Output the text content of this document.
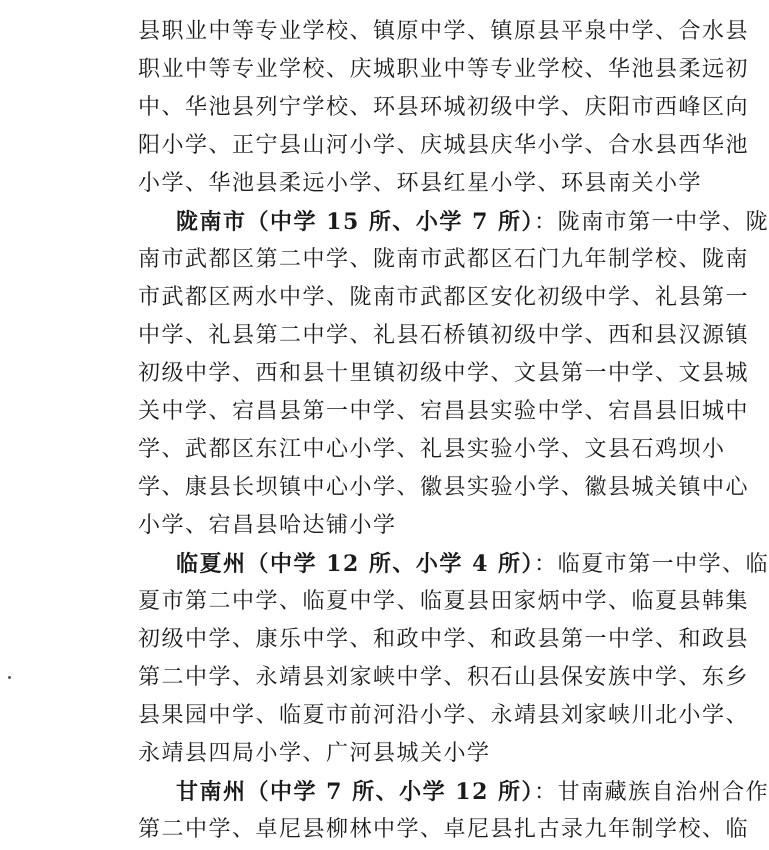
县职业中等专业学校、镇原中学、镇原县平泉中学、合水县
职业中等专业学校、庆城职业中等专业学校、华池县柔远初
中、华池县列宁学校、环县环城初级中学、庆阳市西峰区向
阳小学、正宁县山河小学、庆城县庆华小学、合水县西华池
小学、华池县柔远小学、环县红星小学、环县南关小学
陇南市（中学 15 所、小学 7 所）：陇南市第一中学、陇
南市武都区第二中学、陇南市武都区石门九年制学校、陇南
市武都区两水中学、陇南市武都区安化初级中学、礼县第一
中学、礼县第二中学、礼县石桥镇初级中学、西和县汉源镇
初级中学、西和县十里镇初级中学、文县第一中学、文县城
关中学、宕昌县第一中学、宕昌县实验中学、宕昌县旧城中
学、武都区东江中心小学、礼县实验小学、文县石鸡坝小
学、康县长坝镇中心小学、徽县实验小学、徽县城关镇中心
小学、宕昌县哈达铺小学
临夏州（中学 12 所、小学 4 所）：临夏市第一中学、临
夏市第二中学、临夏中学、临夏县田家炳中学、临夏县韩集
初级中学、康乐中学、和政中学、和政县第一中学、和政县
第二中学、永靖县刘家峡中学、积石山县保安族中学、东乡
县果园中学、临夏市前河沿小学、永靖县刘家峡川北小学、
永靖县四局小学、广河县城关小学
甘南州（中学 7 所、小学 12 所）：甘南藏族自治州合作
第二中学、卓尼县柳林中学、卓尼县扎古录九年制学校、临
